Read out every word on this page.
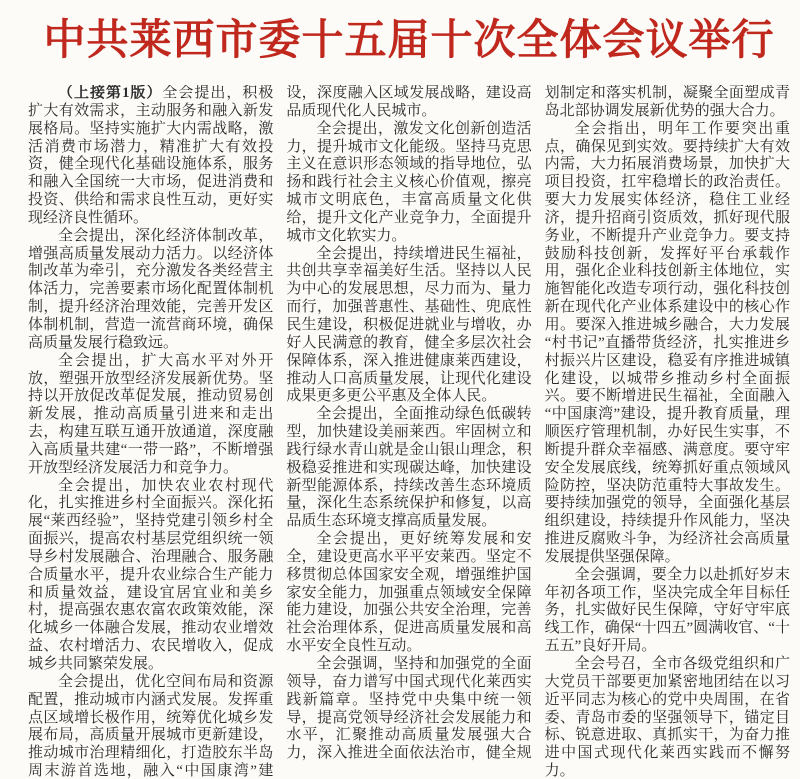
中共莱西市委十五届十次全体会议举行

（上接第1版）全会提出，积极扩大有效需求，主动服务和融入新发展格局。坚持实施扩大内需战略，激活消费市场潜力，精准扩大有效投资，健全现代化基础设施体系，服务和融入全国统一大市场，促进消费和投资、供给和需求良性互动，更好实现经济良性循环。

全会提出，深化经济体制改革，增强高质量发展动力活力。以经济体制改革为牵引，充分激发各类经营主体活力，完善要素市场化配置体制机制，提升经济治理效能，完善开发区体制机制，营造一流营商环境，确保高质量发展行稳致远。

全会提出，扩大高水平对外开放，塑强开放型经济发展新优势。坚持以开放促改革促发展，推动贸易创新发展，推动高质量引进来和走出去，构建互联互通开放通道，深度融入高质量共建“一带一路”，不断增强开放型经济发展活力和竞争力。

全会提出，加快农业农村现代化，扎实推进乡村全面振兴。深化拓展“莱西经验”，坚持党建引领乡村全面振兴，提高农村基层党组织统一领导乡村发展融合、治理融合、服务融合质量水平，提升农业综合生产能力和质量效益，建设宜居宜业和美乡村，提高强农惠农富农政策效能，深化城乡一体融合发展，推动农业增效益、农村增活力、农民增收入，促成城乡共同繁荣发展。

全会提出，优化空间布局和资源配置，推动城市内涵式发展。发挥重点区域增长极作用，统筹优化城乡发展布局，高质量开展城市更新建设，推动城市治理精细化，打造胶东半岛周末游首选地，融入“中国康湾”建设，深度融入区域发展战略，建设高品质现代化人民城市。

全会提出，激发文化创新创造活力，提升城市文化能级。坚持马克思主义在意识形态领域的指导地位，弘扬和践行社会主义核心价值观，擦亮城市文明底色，丰富高质量文化供给，提升文化产业竞争力，全面提升城市文化软实力。

全会提出，持续增进民生福祉，共创共享幸福美好生活。坚持以人民为中心的发展思想，尽力而为、量力而行，加强普惠性、基础性、兜底性民生建设，积极促进就业与增收，办好人民满意的教育，健全多层次社会保障体系，深入推进健康莱西建设，推动人口高质量发展，让现代化建设成果更多更公平惠及全体人民。

全会提出，全面推动绿色低碳转型，加快建设美丽莱西。牢固树立和践行绿水青山就是金山银山理念，积极稳妥推进和实现碳达峰，加快建设新型能源体系，持续改善生态环境质量，深化生态系统保护和修复，以高品质生态环境支撑高质量发展。

全会提出，更好统筹发展和安全，建设更高水平平安莱西。坚定不移贯彻总体国家安全观，增强维护国家安全能力，加强重点领域安全保障能力建设，加强公共安全治理，完善社会治理体系，促进高质量发展和高水平安全良性互动。

全会强调，坚持和加强党的全面领导，奋力谱写中国式现代化莱西实践新篇章。坚持党中央集中统一领导，提高党领导经济社会发展能力和水平，汇聚推动高质量发展强大合力，深入推进全面依法治市，健全规划制定和落实机制，凝聚全面塑成青岛北部协调发展新优势的强大合力。

全会指出，明年工作要突出重点，确保见到实效。要持续扩大有效内需，大力拓展消费场景，加快扩大项目投资，扛牢稳增长的政治责任。要大力发展实体经济，稳住工业经济，提升招商引资质效，抓好现代服务业，不断提升产业竞争力。要支持鼓励科技创新，发挥好平台承载作用，强化企业科技创新主体地位，实施智能化改造专项行动，强化科技创新在现代化产业体系建设中的核心作用。要深入推进城乡融合，大力发展“村书记”直播带货经济，扎实推进乡村振兴片区建设，稳妥有序推进城镇化建设，以城带乡推动乡村全面振兴。要不断增进民生福祉，全面融入“中国康湾”建设，提升教育质量，理顺医疗管理机制，办好民生实事，不断提升群众幸福感、满意度。要守牢安全发展底线，统筹抓好重点领域风险防控，坚决防范重特大事故发生。要持续加强党的领导，全面强化基层组织建设，持续提升作风能力，坚决推进反腐败斗争，为经济社会高质量发展提供坚强保障。

全会强调，要全力以赴抓好岁末年初各项工作，坚决完成全年目标任务，扎实做好民生保障，守好守牢底线工作，确保“十四五”圆满收官、“十五五”良好开局。

全会号召，全市各级党组织和广大党员干部要更加紧密地团结在以习近平同志为核心的党中央周围，在省委、青岛市委的坚强领导下，锚定目标、锐意进取、真抓实干，为奋力推进中国式现代化莱西实践而不懈努力。
